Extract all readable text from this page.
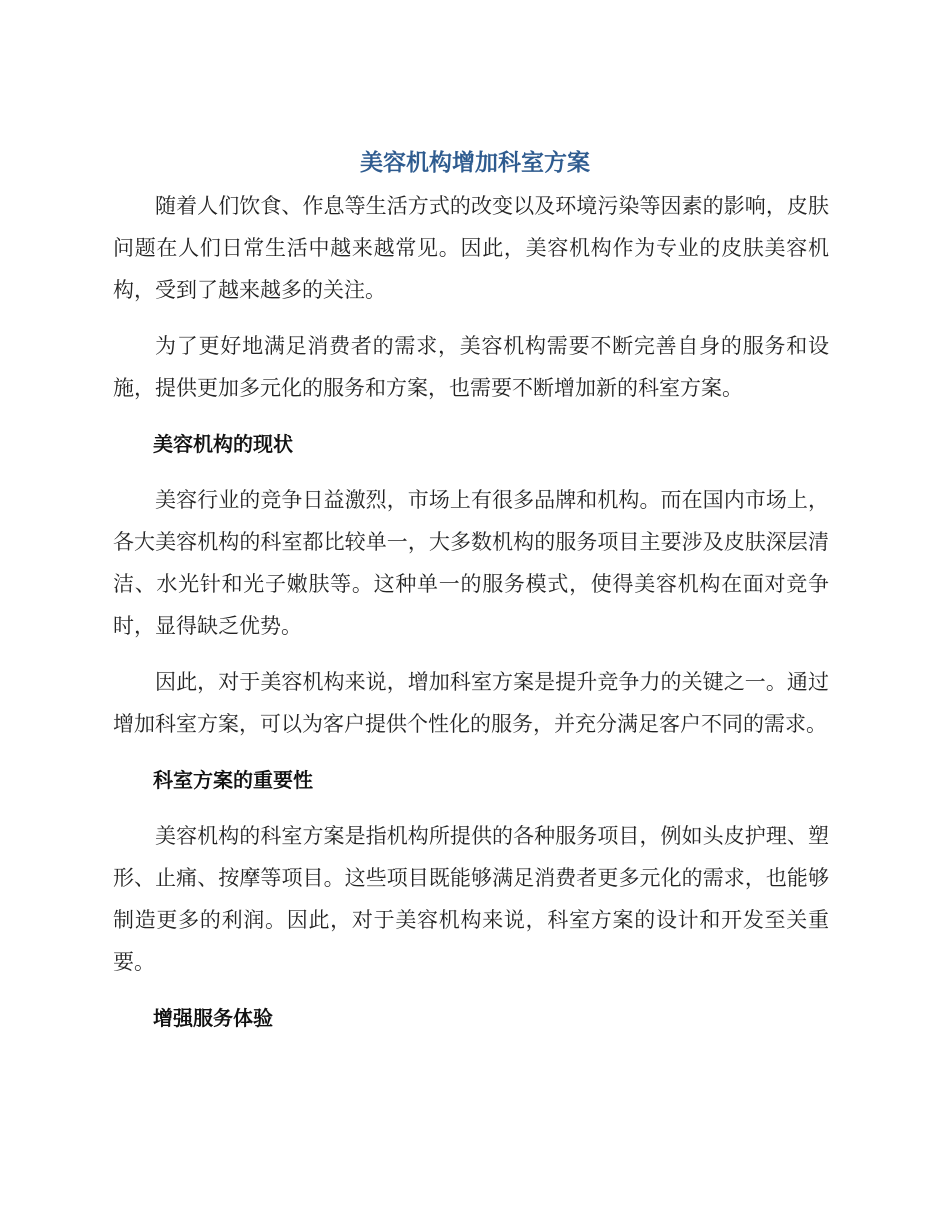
美容机构增加科室方案

随着人们饮食、作息等生活方式的改变以及环境污染等因素的影响，皮肤问题在人们日常生活中越来越常见。因此，美容机构作为专业的皮肤美容机构，受到了越来越多的关注。

为了更好地满足消费者的需求，美容机构需要不断完善自身的服务和设施，提供更加多元化的服务和方案，也需要不断增加新的科室方案。

美容机构的现状

美容行业的竞争日益激烈，市场上有很多品牌和机构。而在国内市场上，各大美容机构的科室都比较单一，大多数机构的服务项目主要涉及皮肤深层清洁、水光针和光子嫩肤等。这种单一的服务模式，使得美容机构在面对竞争时，显得缺乏优势。

因此，对于美容机构来说，增加科室方案是提升竞争力的关键之一。通过增加科室方案，可以为客户提供个性化的服务，并充分满足客户不同的需求。

科室方案的重要性

美容机构的科室方案是指机构所提供的各种服务项目，例如头皮护理、塑形、止痛、按摩等项目。这些项目既能够满足消费者更多元化的需求，也能够制造更多的利润。因此，对于美容机构来说，科室方案的设计和开发至关重要。

增强服务体验
